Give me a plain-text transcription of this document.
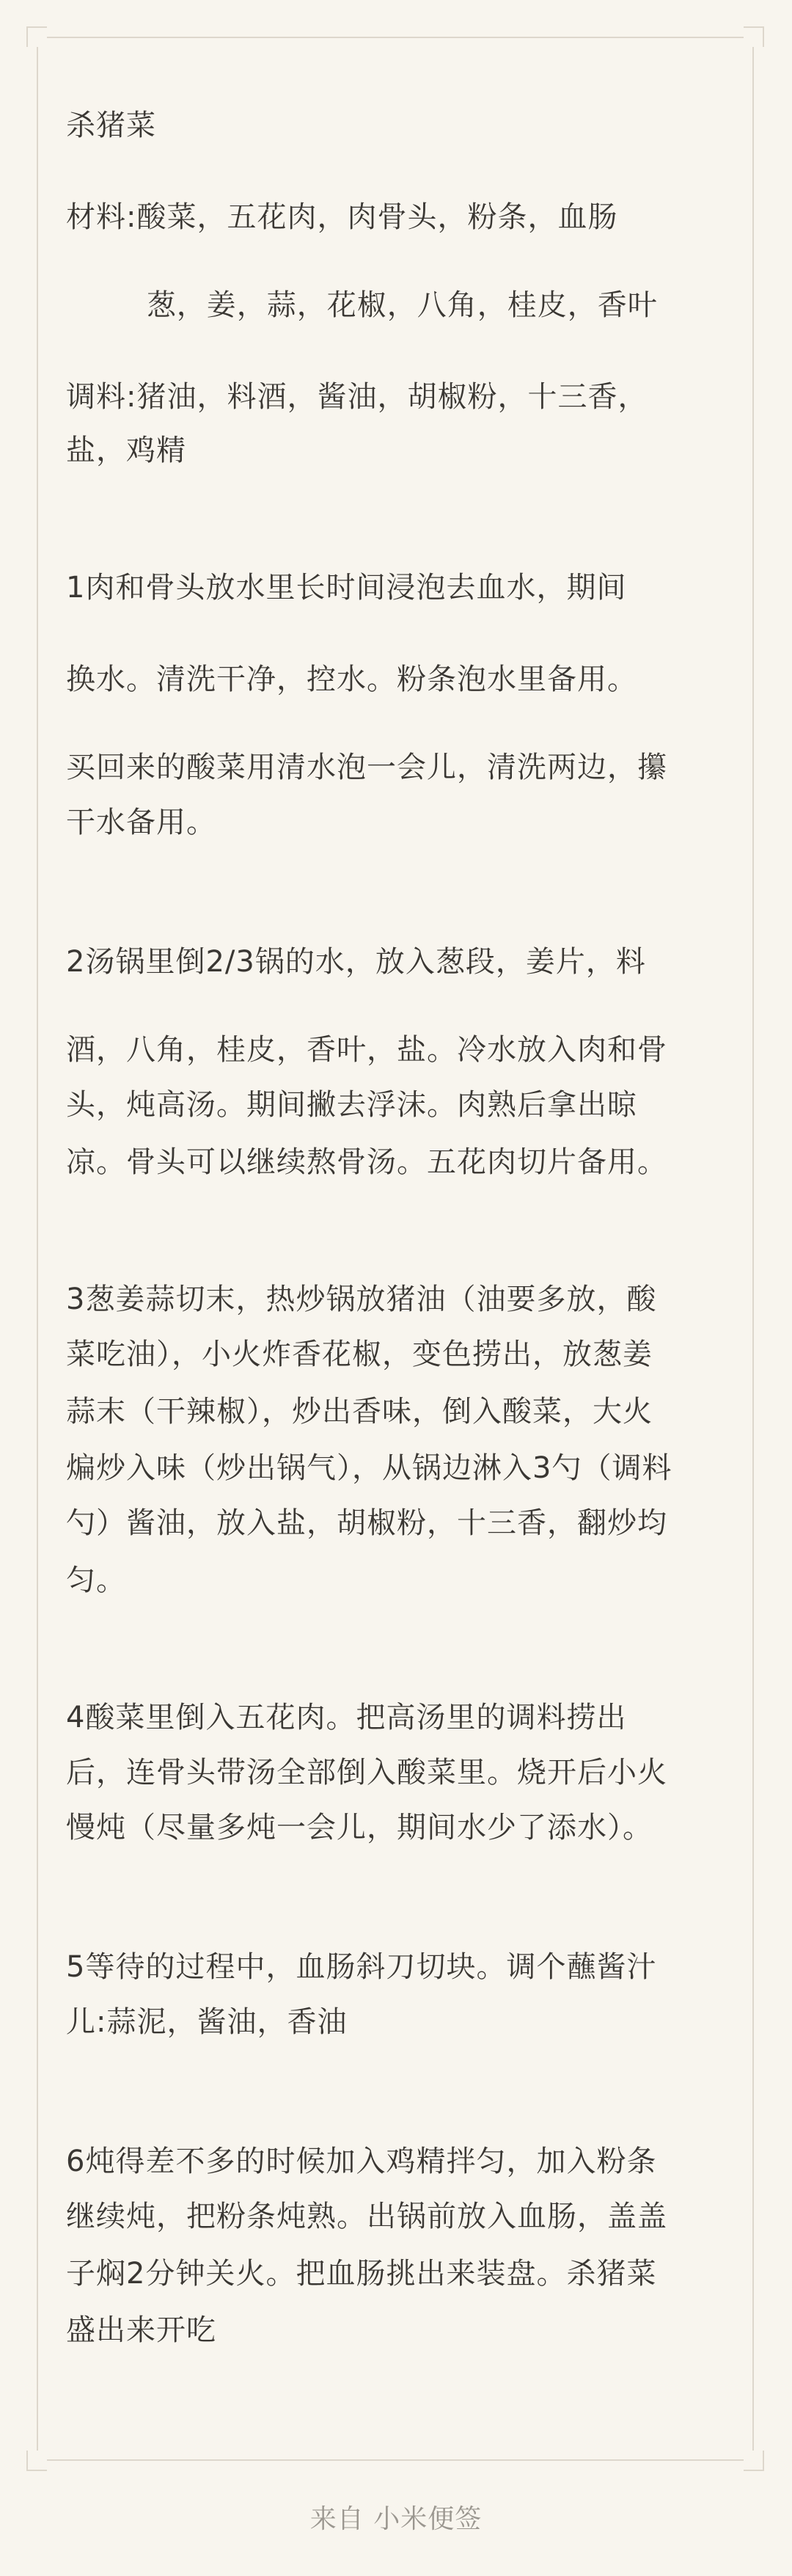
杀猪菜
材料:酸菜，五花肉，肉骨头，粉条，血肠
葱，姜，蒜，花椒，八角，桂皮，香叶
调料:猪油，料酒，酱油，胡椒粉，十三香，
盐，鸡精
1肉和骨头放水里长时间浸泡去血水，期间
换水。清洗干净，控水。粉条泡水里备用。
买回来的酸菜用清水泡一会儿，清洗两边，攥
干水备用。
2汤锅里倒2/3锅的水，放入葱段，姜片，料
酒，八角，桂皮，香叶，盐。冷水放入肉和骨
头，炖高汤。期间撇去浮沫。肉熟后拿出晾
凉。骨头可以继续熬骨汤。五花肉切片备用。
3葱姜蒜切末，热炒锅放猪油（油要多放，酸
菜吃油），小火炸香花椒，变色捞出，放葱姜
蒜末（干辣椒），炒出香味，倒入酸菜，大火
煸炒入味（炒出锅气），从锅边淋入3勺（调料
勺）酱油，放入盐，胡椒粉，十三香，翻炒均
匀。
4酸菜里倒入五花肉。把高汤里的调料捞出
后，连骨头带汤全部倒入酸菜里。烧开后小火
慢炖（尽量多炖一会儿，期间水少了添水）。
5等待的过程中，血肠斜刀切块。调个蘸酱汁
儿:蒜泥，酱油，香油
6炖得差不多的时候加入鸡精拌匀，加入粉条
继续炖，把粉条炖熟。出锅前放入血肠，盖盖
子焖2分钟关火。把血肠挑出来装盘。杀猪菜
盛出来开吃
来自 小米便签
